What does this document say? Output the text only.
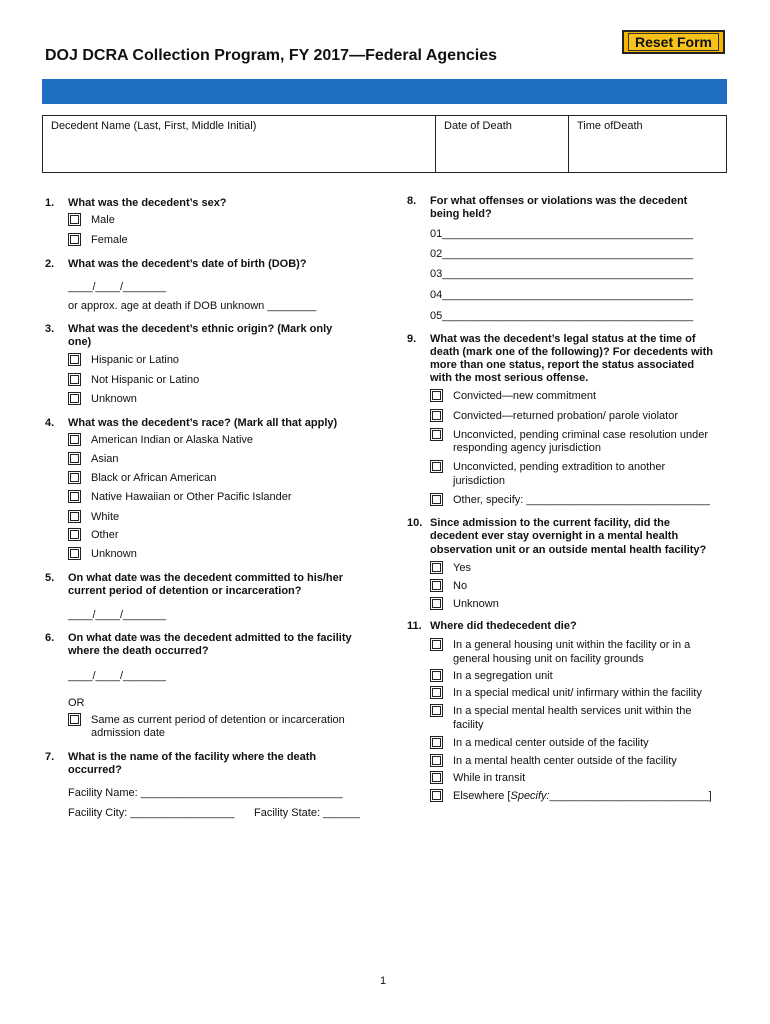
DOJ DCRA Collection Program, FY 2017—Federal Agencies
Reset Form
Decedent Name (Last, First, Middle Initial)	Date of Death	Time ofDeath
1. What was the decedent’s sex?
Male
Female
2. What was the decedent’s date of birth (DOB)?
____/____/_______
or approx. age at death if DOB unknown ________
3. What was the decedent’s ethnic origin? (Mark only
one)
Hispanic or Latino
Not Hispanic or Latino
Unknown
4. What was the decedent’s race? (Mark all that apply)
American Indian or Alaska Native
Asian
Black or African American
Native Hawaiian or Other Pacific Islander
White
Other
Unknown
5. On what date was the decedent committed to his/her
current period of detention or incarceration?
____/____/_______
6. On what date was the decedent admitted to the facility
where the death occurred?
____/____/_______
OR
Same as current period of detention or incarceration
admission date
7. What is the name of the facility where the death
occurred?
Facility Name: _________________________________
Facility City: _________________ Facility State: ______
8. For what offenses or violations was the decedent
being held?
01_________________________________________
02_________________________________________
03_________________________________________
04_________________________________________
05_________________________________________
9. What was the decedent’s legal status at the time of
death (mark one of the following)? For decedents with
more than one status, report the status associated
with the most serious offense.
Convicted—new commitment
Convicted—returned probation/ parole violator
Unconvicted, pending criminal case resolution under
responding agency jurisdiction
Unconvicted, pending extradition to another
jurisdiction
Other, specify: ______________________________
10. Since admission to the current facility, did the
decedent ever stay overnight in a mental health
observation unit or an outside mental health facility?
Yes
No
Unknown
11. Where did thedecedent die?
In a general housing unit within the facility or in a
general housing unit on facility grounds
In a segregation unit
In a special medical unit/ infirmary within the facility
In a special mental health services unit within the
facility
In a medical center outside of the facility
In a mental health center outside of the facility
While in transit
Elsewhere [Specify:__________________________]
1
